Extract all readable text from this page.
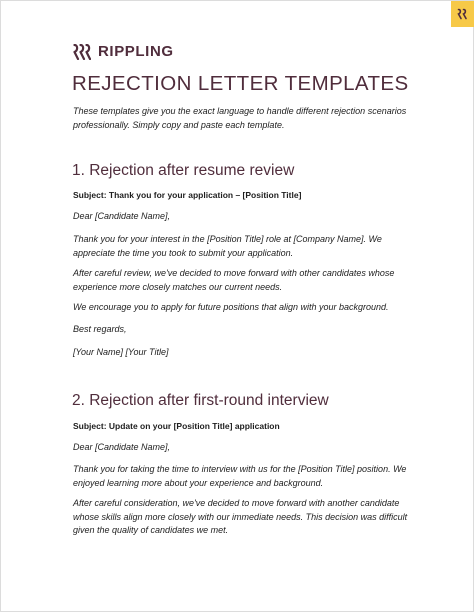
RIPPLING
REJECTION LETTER TEMPLATES

These templates give you the exact language to handle different rejection scenarios professionally. Simply copy and paste each template.

1. Rejection after resume review

Subject: Thank you for your application – [Position Title]

Dear [Candidate Name],

Thank you for your interest in the [Position Title] role at [Company Name]. We appreciate the time you took to submit your application.

After careful review, we've decided to move forward with other candidates whose experience more closely matches our current needs.

We encourage you to apply for future positions that align with your background.

Best regards,

[Your Name] [Your Title]

2. Rejection after first-round interview

Subject: Update on your [Position Title] application

Dear [Candidate Name],

Thank you for taking the time to interview with us for the [Position Title] position. We enjoyed learning more about your experience and background.

After careful consideration, we've decided to move forward with another candidate whose skills align more closely with our immediate needs. This decision was difficult given the quality of candidates we met.
